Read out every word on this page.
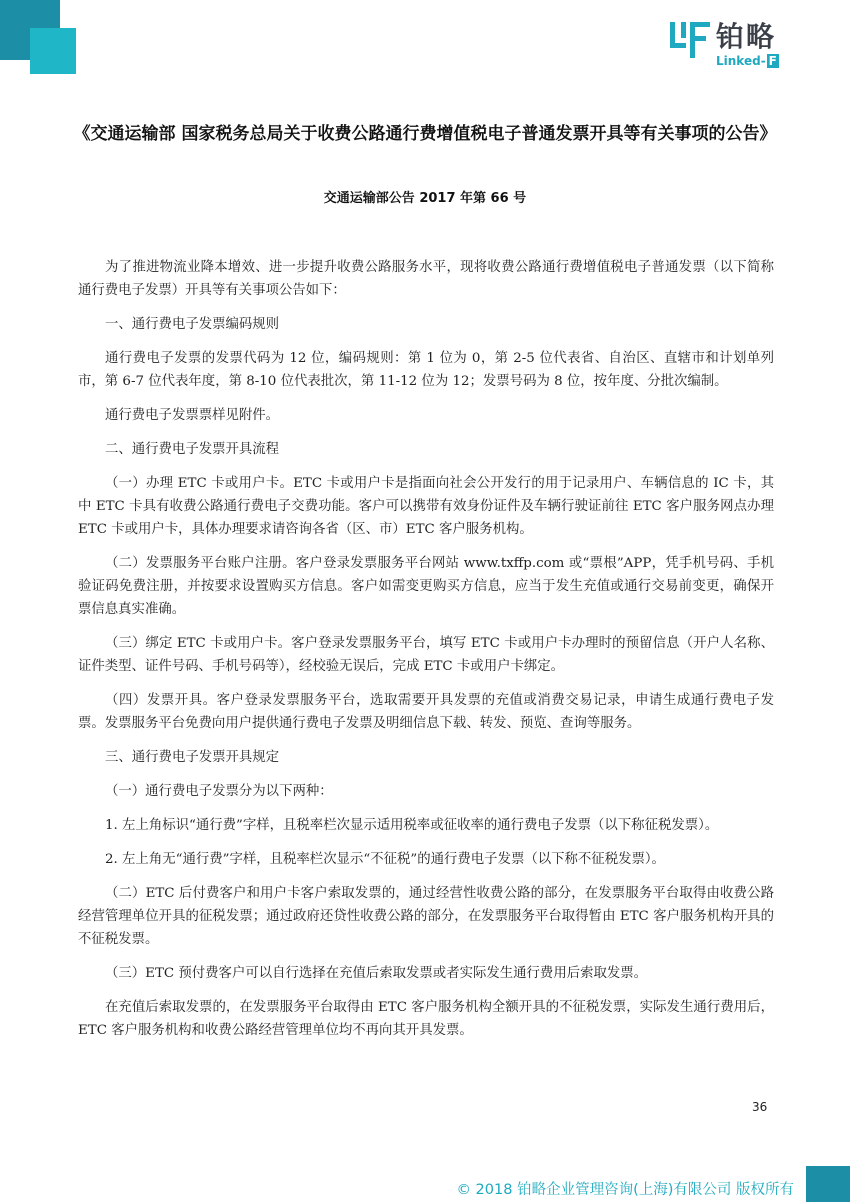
铂略
Linked- F
《交通运输部 国家税务总局关于收费公路通行费增值税电子普通发票开具等有关事项的公告》
交通运输部公告 2017 年第 66 号

为了推进物流业降本增效、进一步提升收费公路服务水平，现将收费公路通行费增值税电子普通发票（以下简称通行费电子发票）开具等有关事项公告如下：

一、通行费电子发票编码规则

通行费电子发票的发票代码为 12 位，编码规则：第 1 位为 0，第 2-5 位代表省、自治区、直辖市和计划单列市，第 6-7 位代表年度，第 8-10 位代表批次，第 11-12 位为 12；发票号码为 8 位，按年度、分批次编制。

通行费电子发票票样见附件。

二、通行费电子发票开具流程

（一）办理 ETC 卡或用户卡。ETC 卡或用户卡是指面向社会公开发行的用于记录用户、车辆信息的 IC 卡，其中 ETC 卡具有收费公路通行费电子交费功能。客户可以携带有效身份证件及车辆行驶证前往 ETC 客户服务网点办理 ETC 卡或用户卡，具体办理要求请咨询各省（区、市）ETC 客户服务机构。

（二）发票服务平台账户注册。客户登录发票服务平台网站 www.txffp.com 或“票根”APP，凭手机号码、手机验证码免费注册，并按要求设置购买方信息。客户如需变更购买方信息，应当于发生充值或通行交易前变更，确保开票信息真实准确。

（三）绑定 ETC 卡或用户卡。客户登录发票服务平台，填写 ETC 卡或用户卡办理时的预留信息（开户人名称、证件类型、证件号码、手机号码等），经校验无误后，完成 ETC 卡或用户卡绑定。

（四）发票开具。客户登录发票服务平台，选取需要开具发票的充值或消费交易记录，申请生成通行费电子发票。发票服务平台免费向用户提供通行费电子发票及明细信息下载、转发、预览、查询等服务。

三、通行费电子发票开具规定

（一）通行费电子发票分为以下两种：

1. 左上角标识“通行费”字样，且税率栏次显示适用税率或征收率的通行费电子发票（以下称征税发票）。

2. 左上角无“通行费”字样，且税率栏次显示“不征税”的通行费电子发票（以下称不征税发票）。

（二）ETC 后付费客户和用户卡客户索取发票的，通过经营性收费公路的部分，在发票服务平台取得由收费公路经营管理单位开具的征税发票；通过政府还贷性收费公路的部分，在发票服务平台取得暂由 ETC 客户服务机构开具的不征税发票。

（三）ETC 预付费客户可以自行选择在充值后索取发票或者实际发生通行费用后索取发票。

在充值后索取发票的，在发票服务平台取得由 ETC 客户服务机构全额开具的不征税发票，实际发生通行费用后，ETC 客户服务机构和收费公路经营管理单位均不再向其开具发票。

36
© 2018 铂略企业管理咨询(上海)有限公司 版权所有
